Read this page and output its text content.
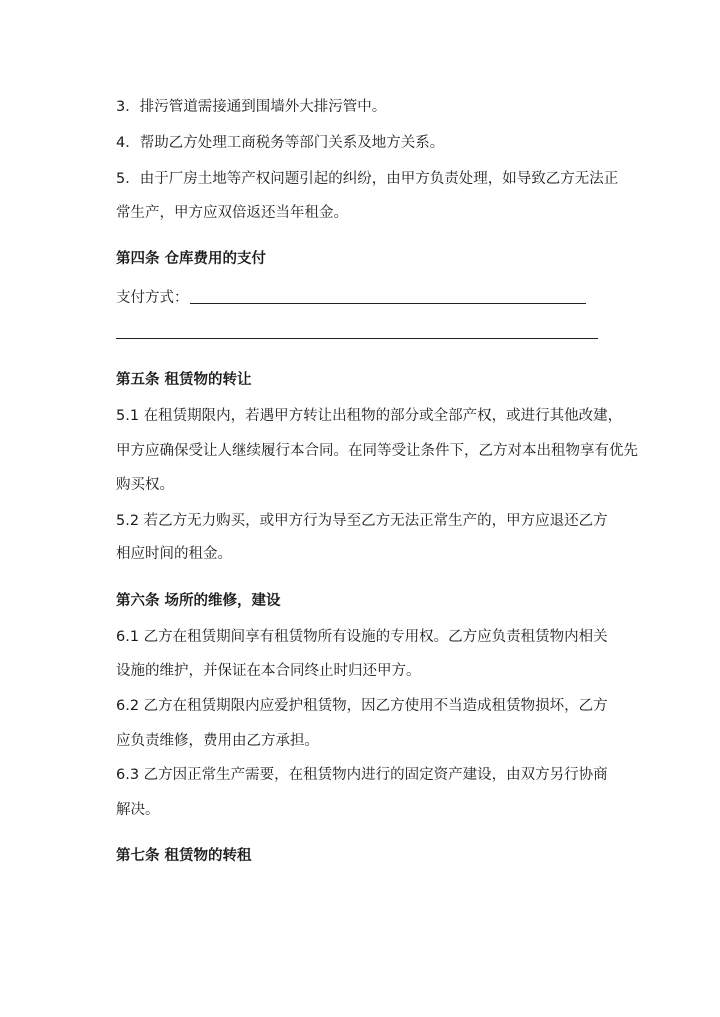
3．排污管道需接通到围墙外大排污管中。
4．帮助乙方处理工商税务等部门关系及地方关系。
5．由于厂房土地等产权问题引起的纠纷，由甲方负责处理，如导致乙方无法正
常生产，甲方应双倍返还当年租金。
第四条 仓库费用的支付
支付方式：
第五条 租赁物的转让
5.1 在租赁期限内，若遇甲方转让出租物的部分或全部产权，或进行其他改建，
甲方应确保受让人继续履行本合同。在同等受让条件下，乙方对本出租物享有优先
购买权。
5.2 若乙方无力购买，或甲方行为导至乙方无法正常生产的，甲方应退还乙方
相应时间的租金。
第六条 场所的维修，建设
6.1 乙方在租赁期间享有租赁物所有设施的专用权。乙方应负责租赁物内相关
设施的维护，并保证在本合同终止时归还甲方。
6.2 乙方在租赁期限内应爱护租赁物，因乙方使用不当造成租赁物损坏，乙方
应负责维修，费用由乙方承担。
6.3 乙方因正常生产需要，在租赁物内进行的固定资产建设，由双方另行协商
解决。
第七条 租赁物的转租
